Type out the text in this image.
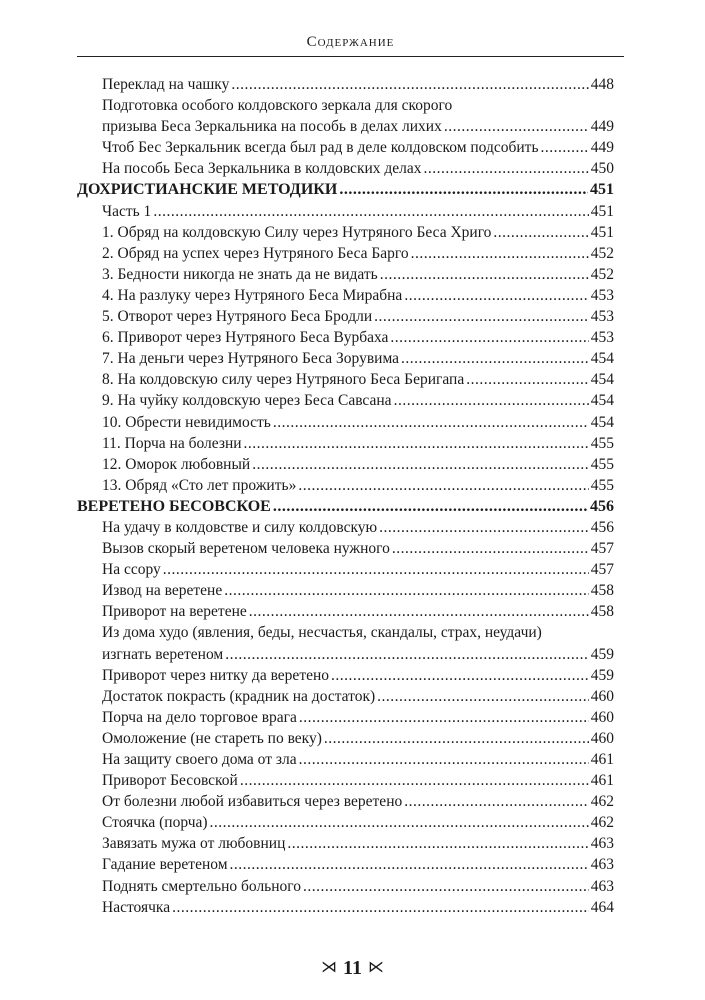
Содержание
Переклад на чашку .....	448
Подготовка особого колдовского зеркала для скорого
призыва Беса Зеркальника на пособь в делах лихих .....	449
Чтоб Бес Зеркальник всегда был рад в деле колдовском подсобить .....	449
На пособь Беса Зеркальника в колдовских делах .....	450
ДОХРИСТИАНСКИЕ МЕТОДИКИ .....	451
Часть 1 .....	451
1. Обряд на колдовскую Силу через Нутряного Беса Хриго .....	451
2. Обряд на успех через Нутряного Беса Барго .....	452
3. Бедности никогда не знать да не видать .....	452
4. На разлуку через Нутряного Беса Мирабна .....	453
5. Отворот через Нутряного Беса Бродли .....	453
6. Приворот через Нутряного Беса Вурбаха .....	453
7. На деньги через Нутряного Беса Зорувима .....	454
8. На колдовскую силу через Нутряного Беса Беригапа .....	454
9. На чуйку колдовскую через Беса Савсана .....	454
10. Обрести невидимость .....	454
11. Порча на болезни .....	455
12. Оморок любовный .....	455
13. Обряд «Сто лет прожить» .....	455
ВЕРЕТЕНО БЕСОВСКОЕ .....	456
На удачу в колдовстве и силу колдовскую .....	456
Вызов скорый веретеном человека нужного .....	457
На ссору .....	457
Извод на веретене .....	458
Приворот на веретене .....	458
Из дома худо (явления, беды, несчастья, скандалы, страх, неудачи)
изгнать веретеном .....	459
Приворот через нитку да веретено .....	459
Достаток покрасть (крадник на достаток) .....	460
Порча на дело торговое врага .....	460
Омоложение (не стареть по веку) .....	460
На защиту своего дома от зла .....	461
Приворот Бесовской .....	461
От болезни любой избавиться через веретено .....	462
Стоячка (порча) .....	462
Завязать мужа от любовниц .....	463
Гадание веретеном .....	463
Поднять смертельно больного .....	463
Настоячка .....	464
⋊ 11 ⋉
